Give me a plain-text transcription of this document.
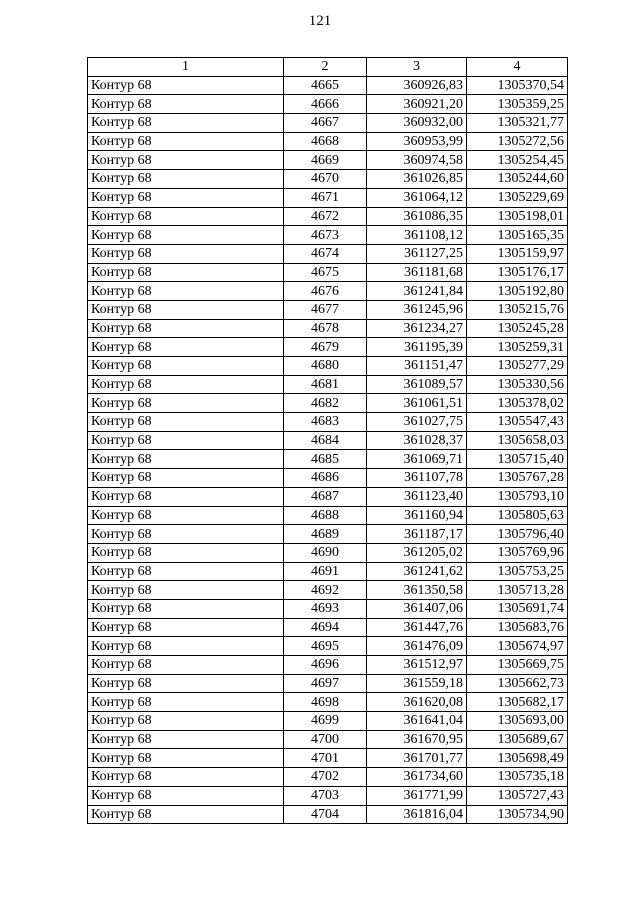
121
1	2	3	4
Контур 68	4665	360926,83	1305370,54
Контур 68	4666	360921,20	1305359,25
Контур 68	4667	360932,00	1305321,77
Контур 68	4668	360953,99	1305272,56
Контур 68	4669	360974,58	1305254,45
Контур 68	4670	361026,85	1305244,60
Контур 68	4671	361064,12	1305229,69
Контур 68	4672	361086,35	1305198,01
Контур 68	4673	361108,12	1305165,35
Контур 68	4674	361127,25	1305159,97
Контур 68	4675	361181,68	1305176,17
Контур 68	4676	361241,84	1305192,80
Контур 68	4677	361245,96	1305215,76
Контур 68	4678	361234,27	1305245,28
Контур 68	4679	361195,39	1305259,31
Контур 68	4680	361151,47	1305277,29
Контур 68	4681	361089,57	1305330,56
Контур 68	4682	361061,51	1305378,02
Контур 68	4683	361027,75	1305547,43
Контур 68	4684	361028,37	1305658,03
Контур 68	4685	361069,71	1305715,40
Контур 68	4686	361107,78	1305767,28
Контур 68	4687	361123,40	1305793,10
Контур 68	4688	361160,94	1305805,63
Контур 68	4689	361187,17	1305796,40
Контур 68	4690	361205,02	1305769,96
Контур 68	4691	361241,62	1305753,25
Контур 68	4692	361350,58	1305713,28
Контур 68	4693	361407,06	1305691,74
Контур 68	4694	361447,76	1305683,76
Контур 68	4695	361476,09	1305674,97
Контур 68	4696	361512,97	1305669,75
Контур 68	4697	361559,18	1305662,73
Контур 68	4698	361620,08	1305682,17
Контур 68	4699	361641,04	1305693,00
Контур 68	4700	361670,95	1305689,67
Контур 68	4701	361701,77	1305698,49
Контур 68	4702	361734,60	1305735,18
Контур 68	4703	361771,99	1305727,43
Контур 68	4704	361816,04	1305734,90
